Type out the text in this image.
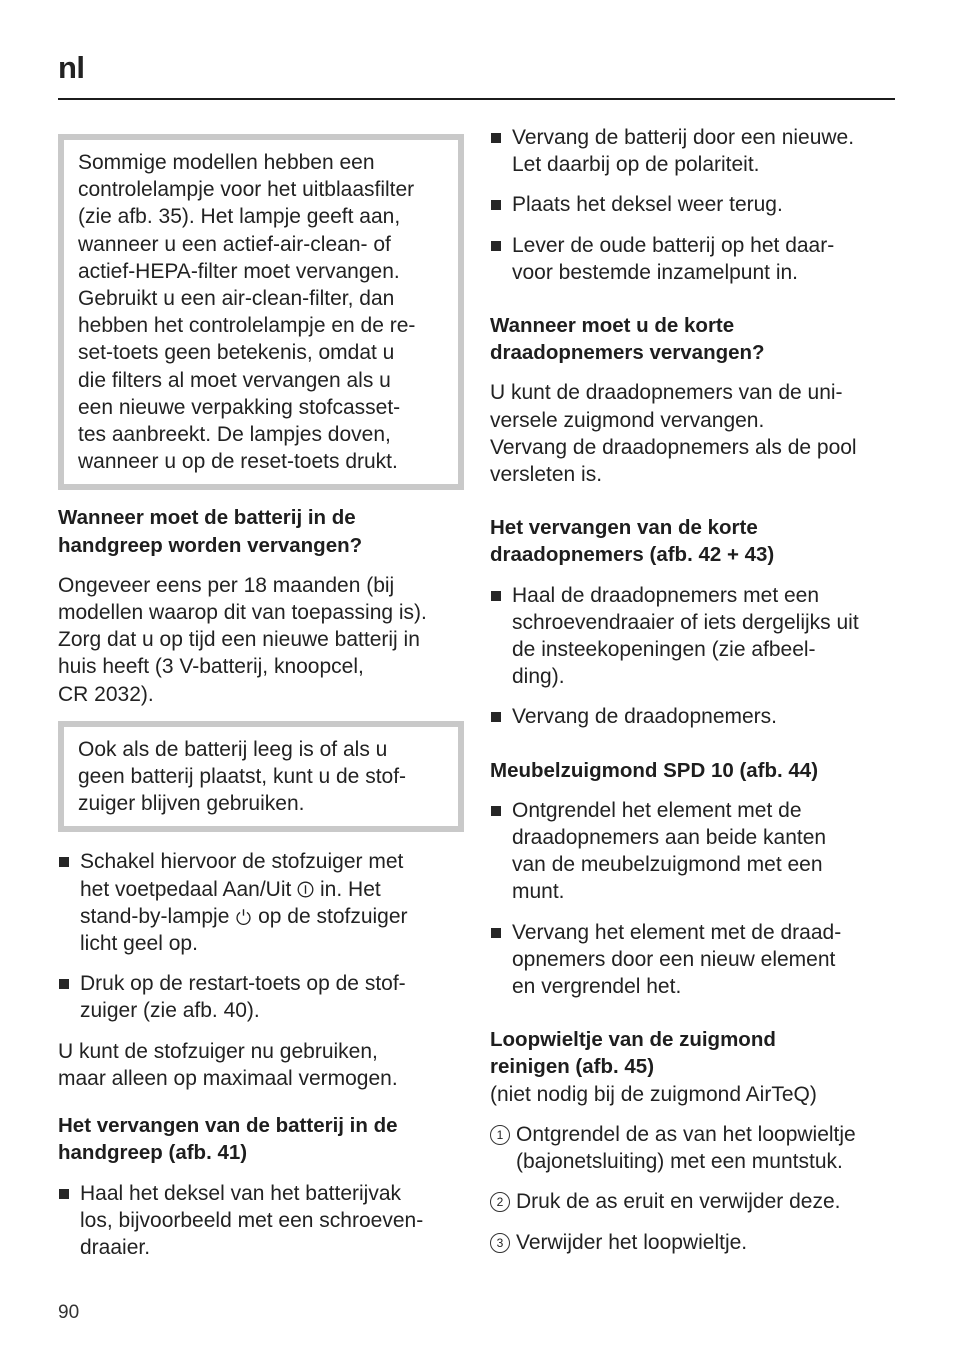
nl
Sommige modellen hebben een
controlelampje voor het uitblaasfilter
(zie afb. 35). Het lampje geeft aan,
wanneer u een actief-air-clean- of
actief-HEPA-filter moet vervangen.
Gebruikt u een air-clean-filter, dan
hebben het controlelampje en de re-
set-toets geen betekenis, omdat u
die filters al moet vervangen als u
een nieuwe verpakking stofcasset-
tes aanbreekt. De lampjes doven,
wanneer u op de reset-toets drukt.
Wanneer moet de batterij in de
handgreep worden vervangen?
Ongeveer eens per 18 maanden (bij
modellen waarop dit van toepassing is).
Zorg dat u op tijd een nieuwe batterij in
huis heeft (3 V-batterij, knoopcel,
CR 2032).
Ook als de batterij leeg is of als u
geen batterij plaatst, kunt u de stof-
zuiger blijven gebruiken.
Schakel hiervoor de stofzuiger met
het voetpedaal Aan/Uit in. Het
stand-by-lampje op de stofzuiger
licht geel op.
Druk op de restart-toets op de stof-
zuiger (zie afb. 40).
U kunt de stofzuiger nu gebruiken,
maar alleen op maximaal vermogen.
Het vervangen van de batterij in de
handgreep (afb. 41)
Haal het deksel van het batterijvak
los, bijvoorbeeld met een schroeven-
draaier.
Vervang de batterij door een nieuwe.
Let daarbij op de polariteit.
Plaats het deksel weer terug.
Lever de oude batterij op het daar-
voor bestemde inzamelpunt in.
Wanneer moet u de korte
draadopnemers vervangen?
U kunt de draadopnemers van de uni-
versele zuigmond vervangen.
Vervang de draadopnemers als de pool
versleten is.
Het vervangen van de korte
draadopnemers (afb. 42 + 43)
Haal de draadopnemers met een
schroevendraaier of iets dergelijks uit
de insteekopeningen (zie afbeel-
ding).
Vervang de draadopnemers.
Meubelzuigmond SPD 10 (afb. 44)
Ontgrendel het element met de
draadopnemers aan beide kanten
van de meubelzuigmond met een
munt.
Vervang het element met de draad-
opnemers door een nieuw element
en vergrendel het.
Loopwieltje van de zuigmond
reinigen (afb. 45)
(niet nodig bij de zuigmond AirTeQ)
1 Ontgrendel de as van het loopwieltje
(bajonetsluiting) met een muntstuk.
2 Druk de as eruit en verwijder deze.
3 Verwijder het loopwieltje.
90
